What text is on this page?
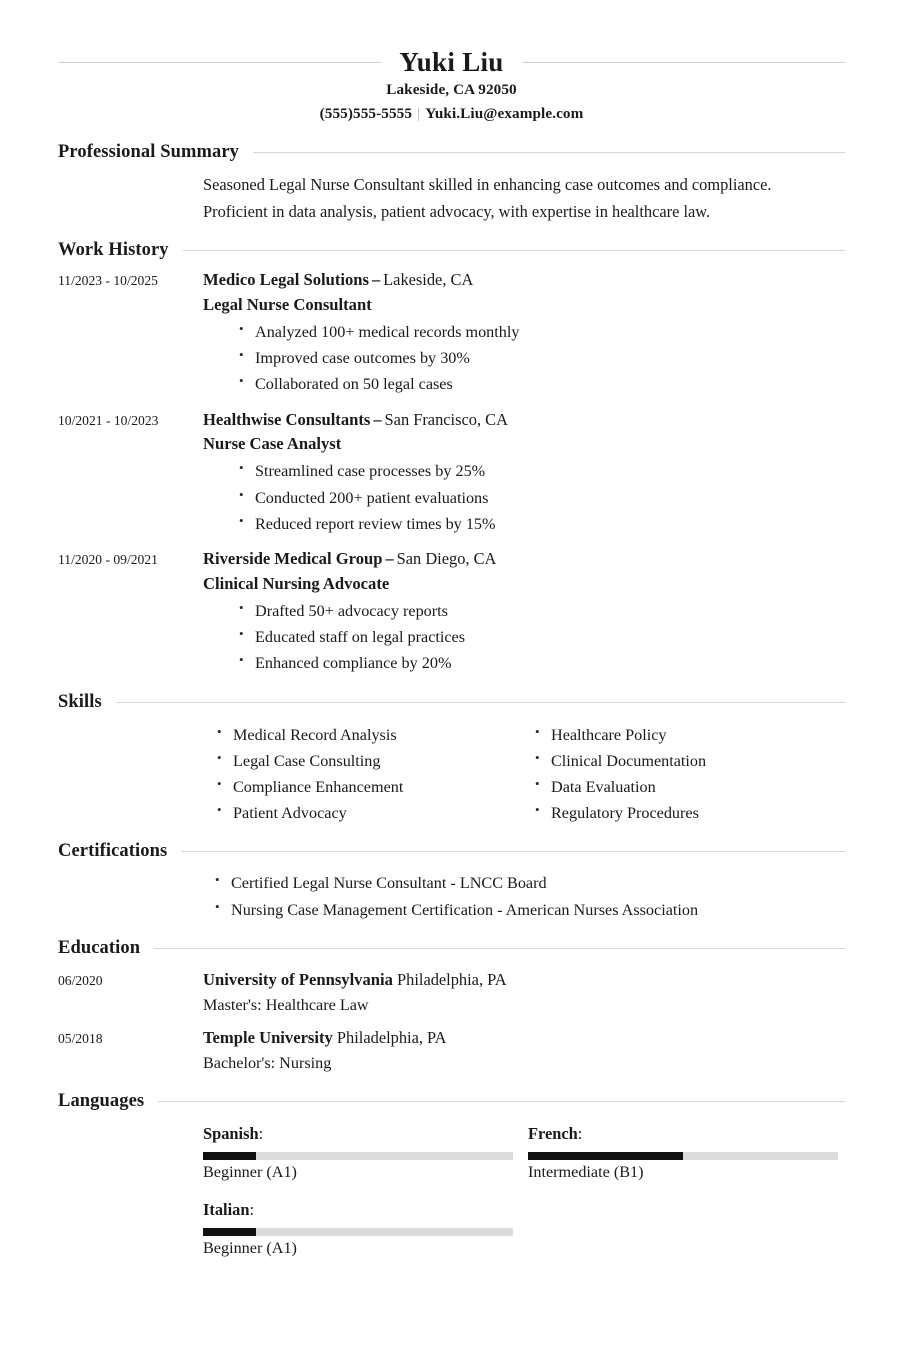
Yuki Liu
Lakeside, CA 92050
(555)555-5555 | Yuki.Liu@example.com
Professional Summary
Seasoned Legal Nurse Consultant skilled in enhancing case outcomes and compliance. Proficient in data analysis, patient advocacy, with expertise in healthcare law.
Work History
11/2023 - 10/2025	Medico Legal Solutions – Lakeside, CA
Legal Nurse Consultant
• Analyzed 100+ medical records monthly
• Improved case outcomes by 30%
• Collaborated on 50 legal cases
10/2021 - 10/2023	Healthwise Consultants – San Francisco, CA
Nurse Case Analyst
• Streamlined case processes by 25%
• Conducted 200+ patient evaluations
• Reduced report review times by 15%
11/2020 - 09/2021	Riverside Medical Group – San Diego, CA
Clinical Nursing Advocate
• Drafted 50+ advocacy reports
• Educated staff on legal practices
• Enhanced compliance by 20%
Skills
• Medical Record Analysis
• Legal Case Consulting
• Compliance Enhancement
• Patient Advocacy
• Healthcare Policy
• Clinical Documentation
• Data Evaluation
• Regulatory Procedures
Certifications
• Certified Legal Nurse Consultant - LNCC Board
• Nursing Case Management Certification - American Nurses Association
Education
06/2020	University of Pennsylvania Philadelphia, PA
Master's: Healthcare Law
05/2018	Temple University Philadelphia, PA
Bachelor's: Nursing
Languages
Spanish:
Beginner (A1)
French:
Intermediate (B1)
Italian:
Beginner (A1)
